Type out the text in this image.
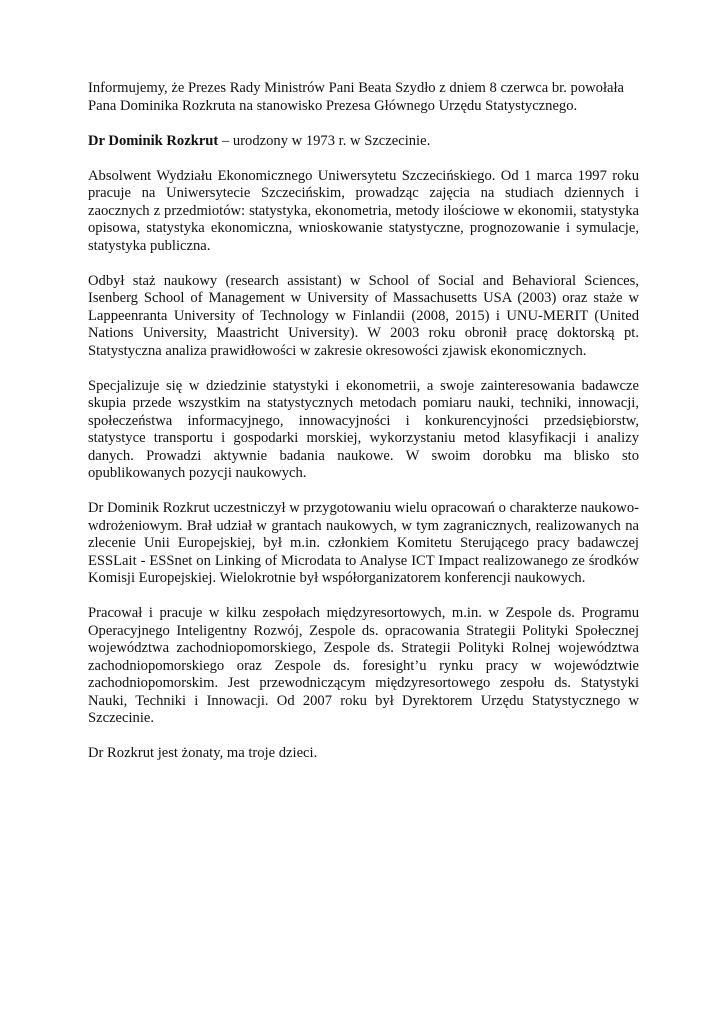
Informujemy, że Prezes Rady Ministrów Pani Beata Szydło z dniem 8 czerwca br. powołała Pana Dominika Rozkruta na stanowisko Prezesa Głównego Urzędu Statystycznego.

Dr Dominik Rozkrut – urodzony w 1973 r. w Szczecinie.

Absolwent Wydziału Ekonomicznego Uniwersytetu Szczecińskiego. Od 1 marca 1997 roku pracuje na Uniwersytecie Szczecińskim, prowadząc zajęcia na studiach dziennych i zaocznych z przedmiotów: statystyka, ekonometria, metody ilościowe w ekonomii, statystyka opisowa, statystyka ekonomiczna, wnioskowanie statystyczne, prognozowanie i symulacje, statystyka publiczna.

Odbył staż naukowy (research assistant) w School of Social and Behavioral Sciences, Isenberg School of Management w University of Massachusetts USA (2003) oraz staże w Lappeenranta University of Technology w Finlandii (2008, 2015) i UNU-MERIT (United Nations University, Maastricht University). W 2003 roku obronił pracę doktorską pt. Statystyczna analiza prawidłowości w zakresie okresowości zjawisk ekonomicznych.

Specjalizuje się w dziedzinie statystyki i ekonometrii, a swoje zainteresowania badawcze skupia przede wszystkim na statystycznych metodach pomiaru nauki, techniki, innowacji, społeczeństwa informacyjnego, innowacyjności i konkurencyjności przedsiębiorstw, statystyce transportu i gospodarki morskiej, wykorzystaniu metod klasyfikacji i analizy danych. Prowadzi aktywnie badania naukowe. W swoim dorobku ma blisko sto opublikowanych pozycji naukowych.

Dr Dominik Rozkrut uczestniczył w przygotowaniu wielu opracowań o charakterze naukowo-wdrożeniowym. Brał udział w grantach naukowych, w tym zagranicznych, realizowanych na zlecenie Unii Europejskiej, był m.in. członkiem Komitetu Sterującego pracy badawczej ESSLait - ESSnet on Linking of Microdata to Analyse ICT Impact realizowanego ze środków Komisji Europejskiej. Wielokrotnie był współorganizatorem konferencji naukowych.

Pracował i pracuje w kilku zespołach międzyresortowych, m.in. w Zespole ds. Programu Operacyjnego Inteligentny Rozwój, Zespole ds. opracowania Strategii Polityki Społecznej województwa zachodniopomorskiego, Zespole ds. Strategii Polityki Rolnej województwa zachodniopomorskiego oraz Zespole ds. foresight’u rynku pracy w województwie zachodniopomorskim. Jest przewodniczącym międzyresortowego zespołu ds. Statystyki Nauki, Techniki i Innowacji. Od 2007 roku był Dyrektorem Urzędu Statystycznego w Szczecinie.

Dr Rozkrut jest żonaty, ma troje dzieci.
